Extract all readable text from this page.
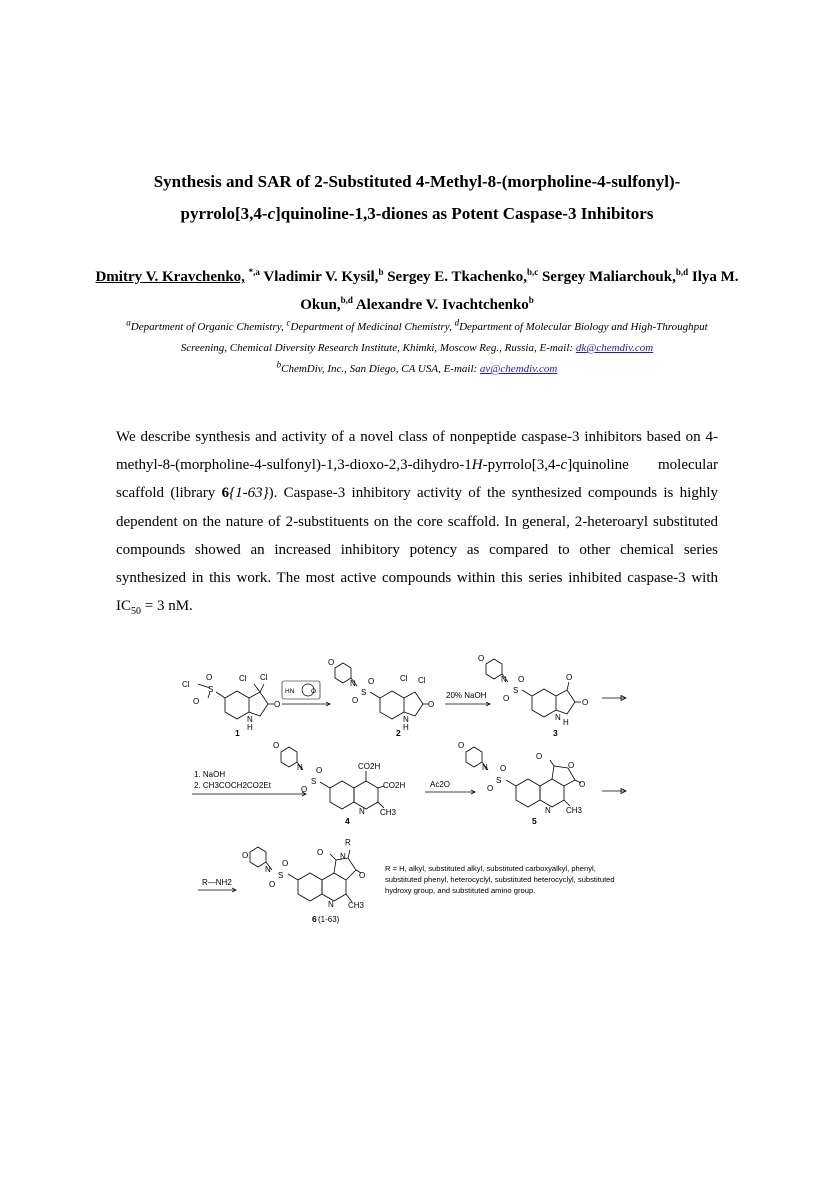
Synthesis and SAR of 2-Substituted 4-Methyl-8-(morpholine-4-sulfonyl)-
pyrrolo[3,4-c]quinoline-1,3-diones as Potent Caspase-3 Inhibitors
Dmitry V. Kravchenko, $^{*,a}$ Vladimir V. Kysil,$^b$ Sergey E. Tkachenko,$^{b,c}$ Sergey Maliarchouk,$^{b,d}$ Ilya M. Okun,$^{b,d}$ Alexandre V. Ivachtchenko$^b$
$^a$Department of Organic Chemistry, $^c$Department of Medicinal Chemistry, $^d$Department of Molecular Biology and High-Throughput Screening, Chemical Diversity Research Institute, Khimki, Moscow Reg., Russia, E-mail: dk@chemdiv.com
$^b$ChemDiv, Inc., San Diego, CA USA, E-mail: av@chemdiv.com
We describe synthesis and activity of a novel class of nonpeptide caspase-3 inhibitors based on 4-methyl-8-(morpholine-4-sulfonyl)-1,3-dioxo-2,3-dihydro-1H-pyrrolo[3,4-c]quinoline molecular scaffold (library 6{1-63}). Caspase-3 inhibitory activity of the synthesized compounds is highly dependent on the nature of 2-substituents on the core scaffold. In general, 2-heteroaryl substituted compounds showed an increased inhibitory potency as compared to other chemical series synthesized in this work. The most active compounds within this series inhibited caspase-3 with $IC_{50} = 3$ nM.
Cl
S
O
O
Cl Cl
O
N
H
1
HN	O
O
N
S
O
O
Cl Cl
O
N
H
2
20% NaOH
O
N
S
O
O
O
O
N
H
3
1. NaOH
2. CH3COCH2CO2Et
O
N
S
O
O
CO2H
CO2H
N CH3
4
Ac2O
O
N
S
O
O
O
O
O
N CH3
5
R—NH2
O
N
S
O
O
O
R
N
O
N CH3
6 (1-63)
R = H, alkyl, substituted alkyl, substituted carboxyalkyl, phenyl, substituted phenyl, heterocyclyl, substituted heterocyclyl, substituted hydroxy group, and substituted amino group.
